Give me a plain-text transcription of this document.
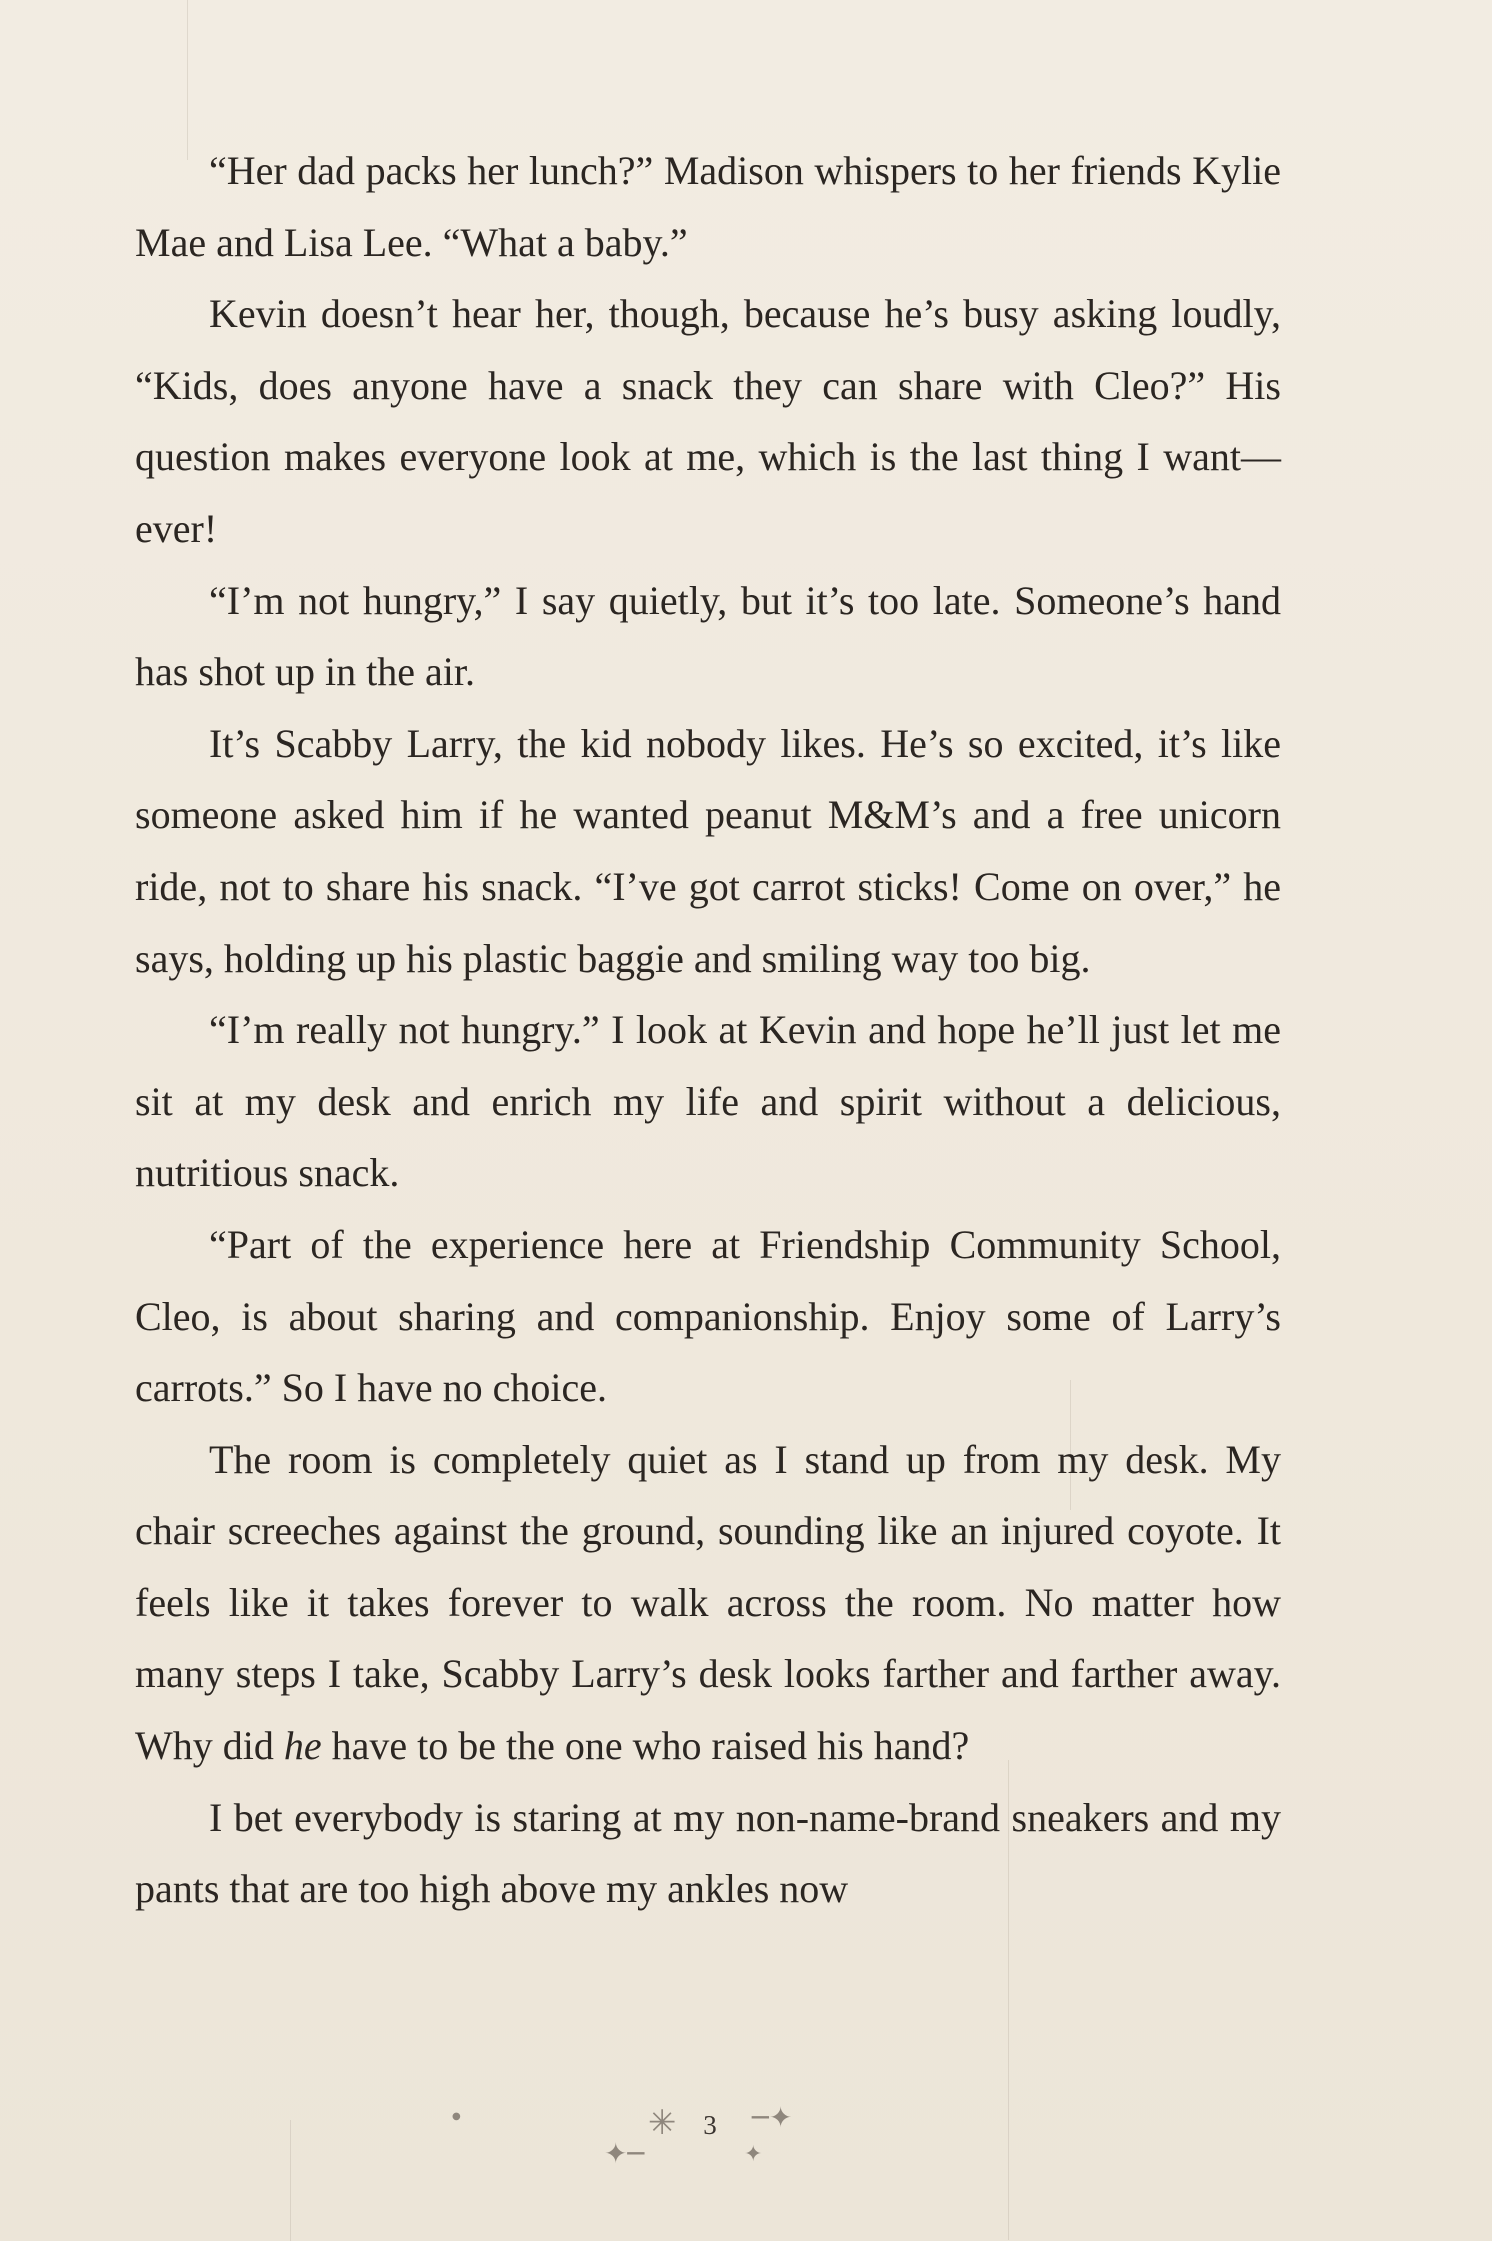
“Her dad packs her lunch?” Madison whispers to her friends Kylie Mae and Lisa Lee. “What a baby.”

Kevin doesn’t hear her, though, because he’s busy asking loudly, “Kids, does anyone have a snack they can share with Cleo?” His question makes everyone look at me, which is the last thing I want—ever!

“I’m not hungry,” I say quietly, but it’s too late. Someone’s hand has shot up in the air.

It’s Scabby Larry, the kid nobody likes. He’s so excited, it’s like someone asked him if he wanted peanut M&M’s and a free unicorn ride, not to share his snack. “I’ve got carrot sticks! Come on over,” he says, holding up his plastic baggie and smiling way too big.

“I’m really not hungry.” I look at Kevin and hope he’ll just let me sit at my desk and enrich my life and spirit without a delicious, nutritious snack.

“Part of the experience here at Friendship Community School, Cleo, is about sharing and companionship. Enjoy some of Larry’s carrots.” So I have no choice.

The room is completely quiet as I stand up from my desk. My chair screeches against the ground, sounding like an injured coyote. It feels like it takes forever to walk across the room. No matter how many steps I take, Scabby Larry’s desk looks farther and farther away. Why did he have to be the one who raised his hand?

I bet everybody is staring at my non-name-brand sneakers and my pants that are too high above my ankles now

✳	─✦
✦─	✦
●	3
